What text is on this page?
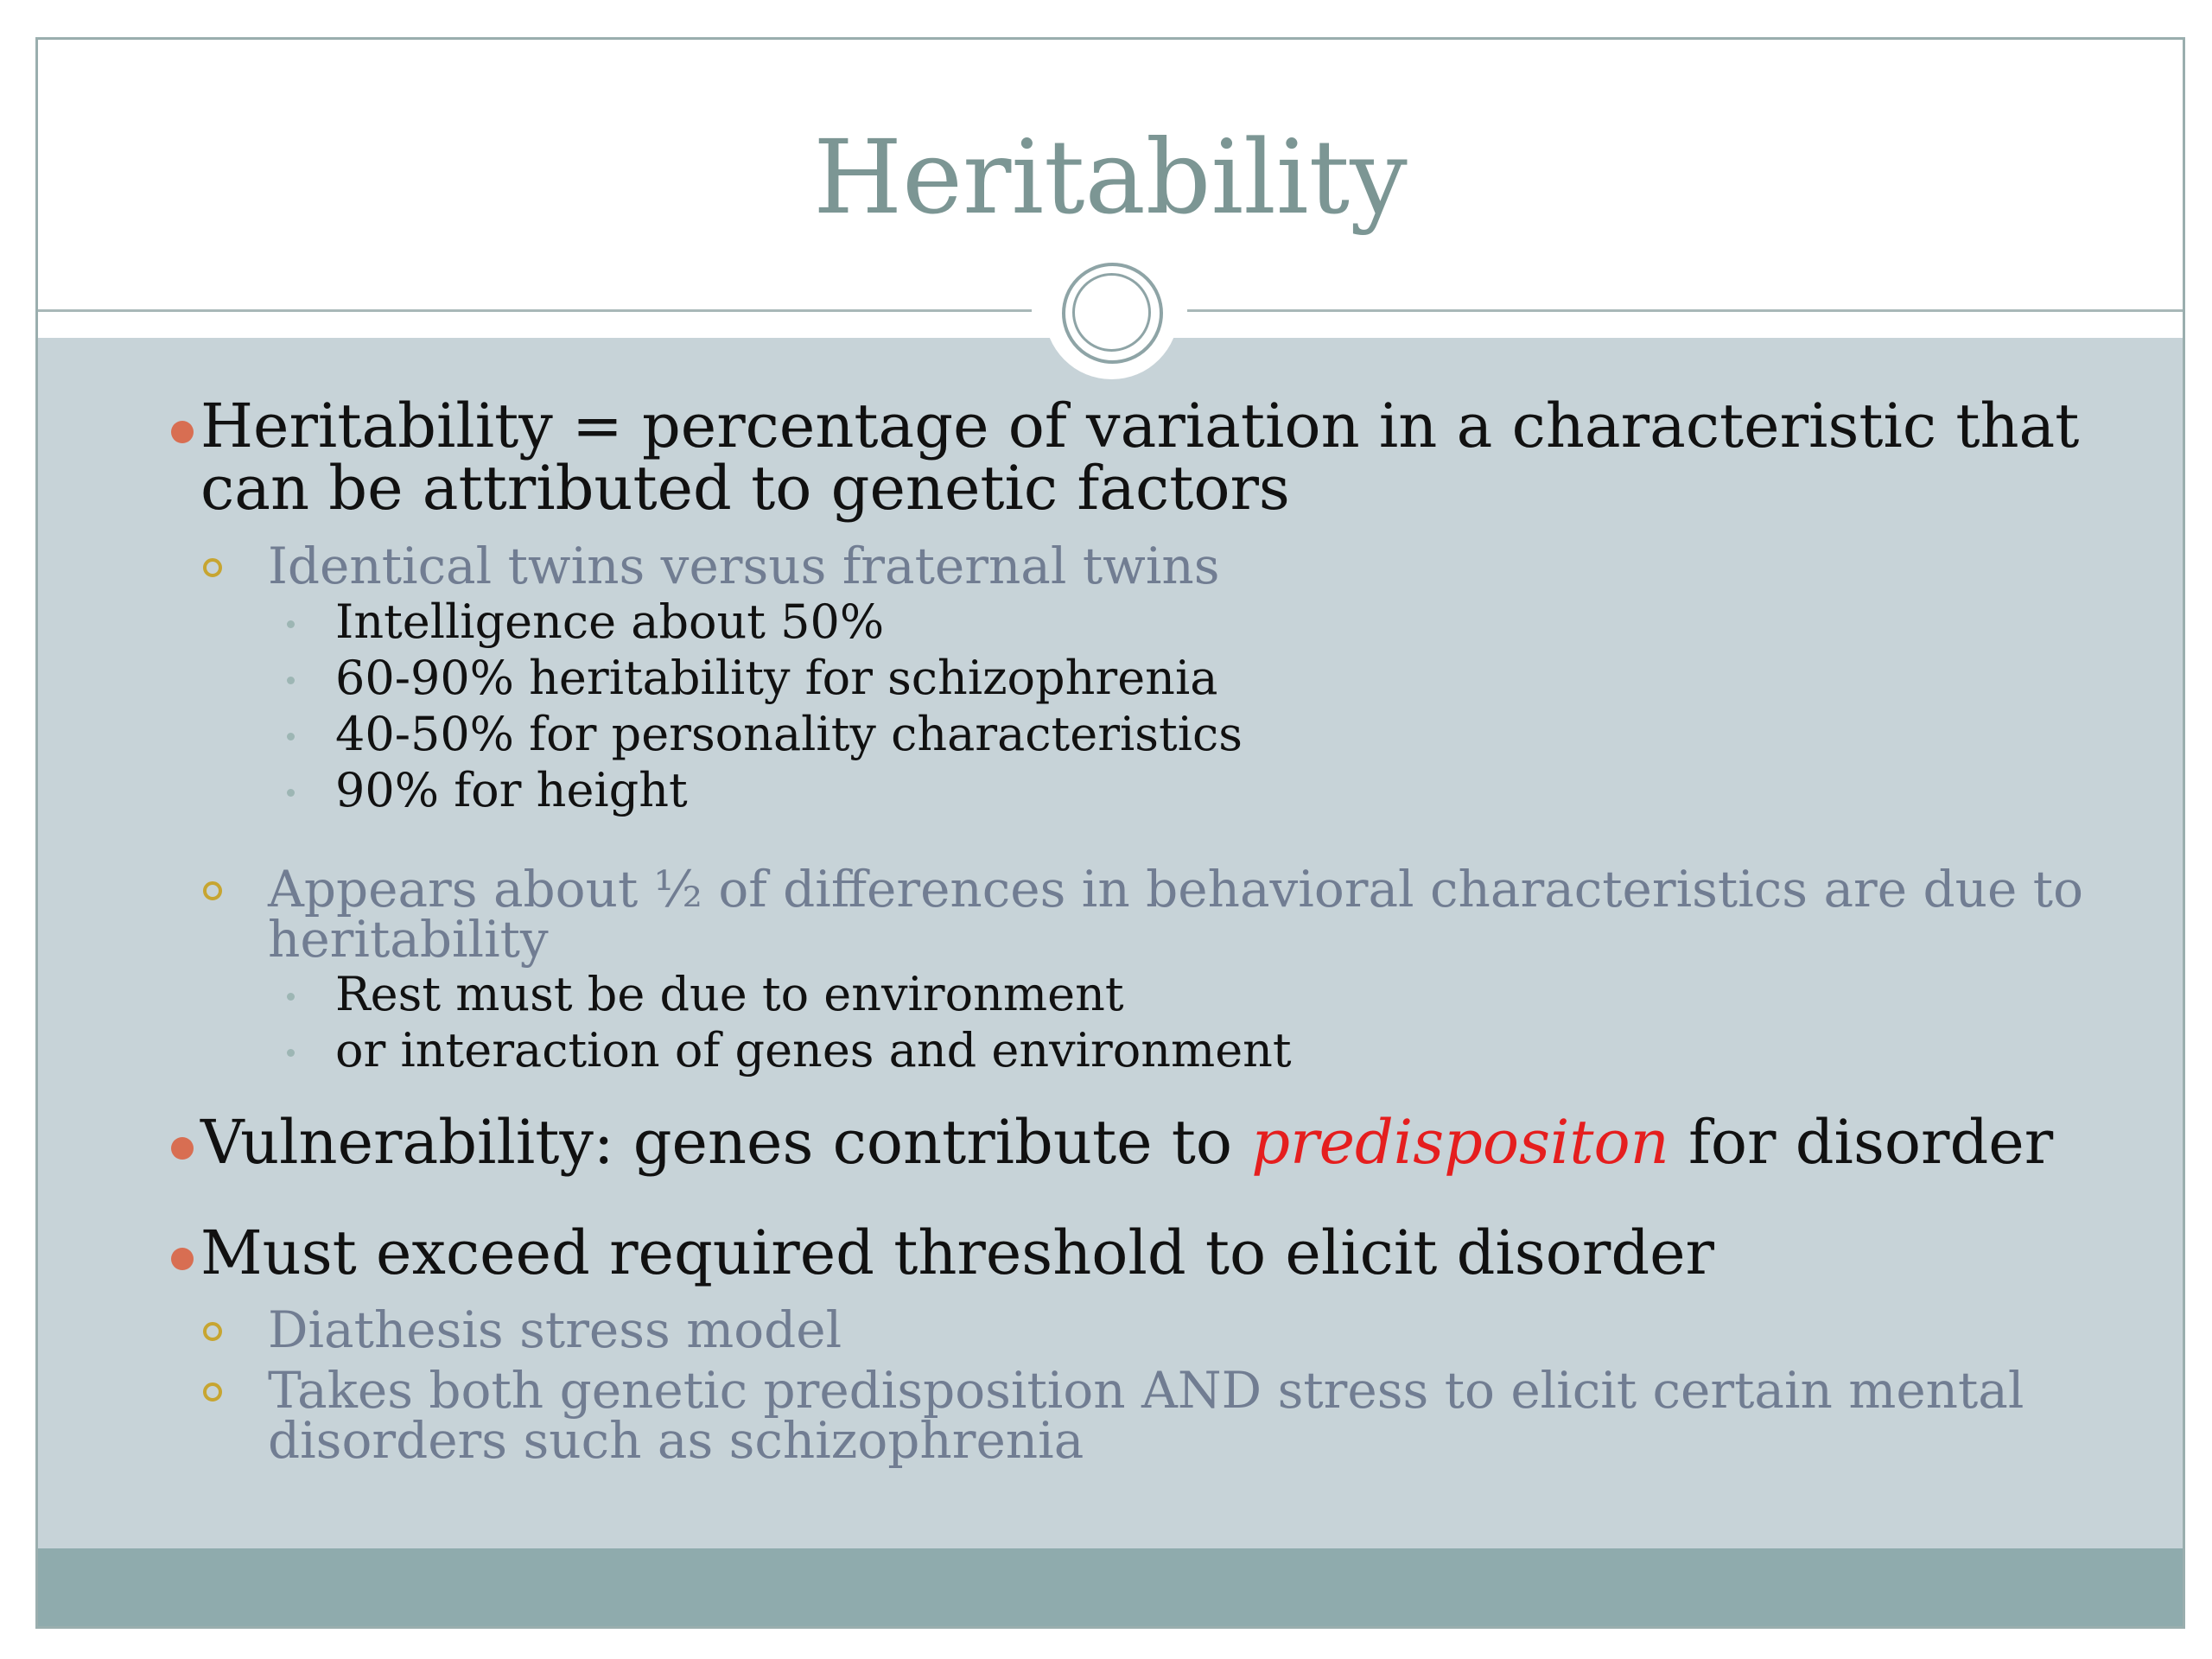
Heritability
Heritability = percentage of variation in a characteristic that can be attributed to genetic factors
Identical twins versus fraternal twins
Intelligence about 50%
60-90% heritability for schizophrenia
40-50% for personality characteristics
90% for height
Appears about ½ of differences in behavioral characteristics are due to heritability
Rest must be due to environment
or interaction of genes and environment
Vulnerability: genes contribute to predispositon for disorder
Must exceed required threshold to elicit disorder
Diathesis stress model
Takes both genetic predisposition AND stress to elicit certain mental disorders such as schizophrenia
